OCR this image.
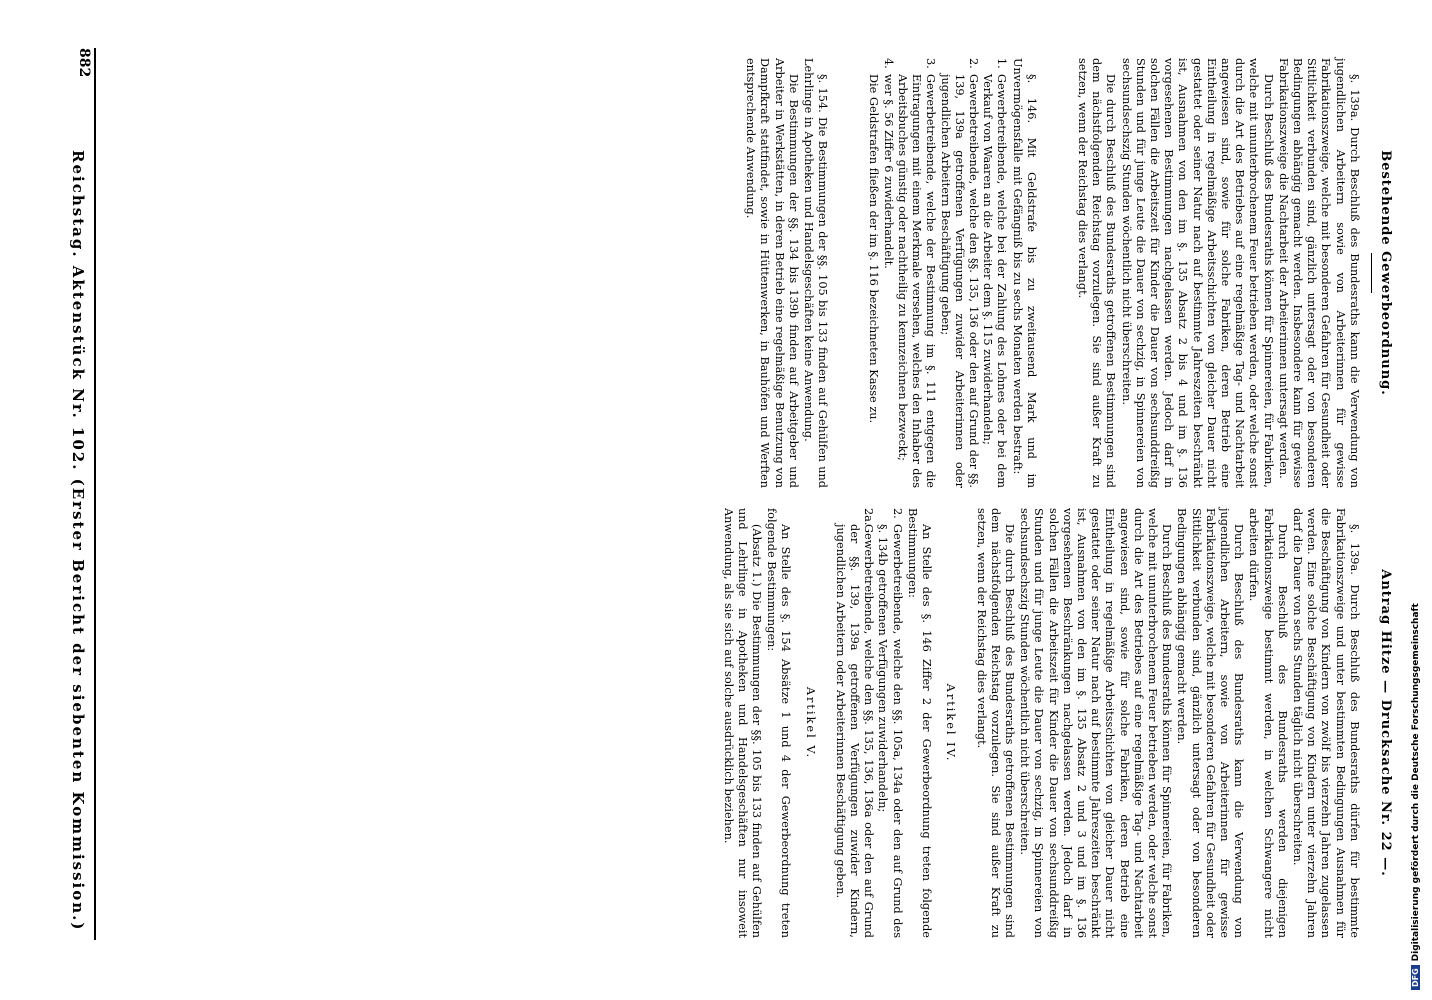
882
Reichstag. Aktenstück Nr. 102. (Erster Bericht der siebenten Kommission.)	Bestehende Gewerbeordnung.

§. 139a. Durch Beschluß des Bundesraths kann die Verwendung von jugendlichen Arbeitern sowie von Arbeiterinnen für gewisse Fabrikationszweige, welche mit besonderen Gefahren für Gesundheit oder Sittlichkeit verbunden sind, gänzlich untersagt oder von besonderen Bedingungen abhängig gemacht werden. Insbesondere kann für gewisse Fabrikationszweige die Nachtarbeit der Arbeiterinnen untersagt werden.

Durch Beschluß des Bundesraths können für Spinnereien, für Fabriken, welche mit ununterbrochenem Feuer betrieben werden, oder welche sonst durch die Art des Betriebes auf eine regelmäßige Tag- und Nachtarbeit angewiesen sind, sowie für solche Fabriken, deren Betrieb eine Eintheilung in regelmäßige Arbeitsschichten von gleicher Dauer nicht gestattet oder seiner Natur nach auf bestimmte Jahreszeiten beschränkt ist, Ausnahmen von den im §. 135 Absatz 2 bis 4 und im §. 136 vorgesehenen Bestimmungen nachgelassen werden. Jedoch darf in solchen Fällen die Arbeitszeit für Kinder die Dauer von sechsunddreißig Stunden und für junge Leute die Dauer von sechzig, in Spinnereien von sechsundsechszig Stunden wöchentlich nicht überschreiten.

Die durch Beschluß des Bundesraths getroffenen Bestimmungen sind dem nächstfolgenden Reichstag vorzulegen. Sie sind außer Kraft zu setzen, wenn der Reichstag dies verlangt.

§. 146. Mit Geldstrafe bis zu zweitausend Mark und im Unvermögensfalle mit Gefängniß bis zu sechs Monaten werden bestraft:

1.
Gewerbetreibende, welche bei der Zahlung des Lohnes oder bei dem Verkauf von Waaren an die Arbeiter dem §. 115 zuwiderhandeln;
2.
Gewerbetreibende, welche den §§. 135, 136 oder den auf Grund der §§. 139, 139a getroffenen Verfügungen zuwider Arbeiterinnen oder jugendlichen Arbeitern Beschäftigung geben;
3.
Gewerbetreibende, welche der Bestimmung im §. 111 entgegen die Eintragungen mit einem Merkmale versehen, welches den Inhaber des Arbeitsbuches günstig oder nachtheilig zu kennzeichnen bezweckt;
4.
wer §. 56 Ziffer 6 zuwiderhandelt.

Die Geldstrafen fließen der im §. 116 bezeichneten Kasse zu.

§. 154. Die Bestimmungen der §§. 105 bis 133 finden auf Gehülfen und Lehrlinge in Apotheken und Handelsgeschäften keine Anwendung.

Die Bestimmungen der §§. 134 bis 139b finden auf Arbeitgeber und Arbeiter in Werkstätten, in deren Betrieb eine regelmäßige Benutzung von Dampfkraft stattfindet, sowie in Hüttenwerken, in Bauhöfen und Werften entsprechende Anwendung.

Antrag Hitze — Drucksache Nr. 22 —.

§. 139a. Durch Beschluß des Bundesraths dürfen für bestimmte Fabrikationszweige und unter bestimmten Bedingungen Ausnahmen für die Beschäftigung von Kindern von zwölf bis vierzehn Jahren zugelassen werden. Eine solche Beschäftigung von Kindern unter vierzehn Jahren darf die Dauer von sechs Stunden täglich nicht überschreiten.

Durch Beschluß des Bundesraths werden diejenigen Fabrikationszweige bestimmt werden, in welchen Schwangere nicht arbeiten dürfen.

Durch Beschluß des Bundesraths kann die Verwendung von jugendlichen Arbeitern, sowie von Arbeiterinnen für gewisse Fabrikationszweige, welche mit besonderen Gefahren für Gesundheit oder Sittlichkeit verbunden sind, gänzlich untersagt oder von besonderen Bedingungen abhängig gemacht werden.

Durch Beschluß des Bundesraths können für Spinnereien, für Fabriken, welche mit ununterbrochenem Feuer betrieben werden, oder welche sonst durch die Art des Betriebes auf eine regelmäßige Tag- und Nachtarbeit angewiesen sind, sowie für solche Fabriken, deren Betrieb eine Eintheilung in regelmäßige Arbeitsschichten von gleicher Dauer nicht gestattet oder seiner Natur nach auf bestimmte Jahreszeiten beschränkt ist, Ausnahmen von den im §. 135 Absatz 2 und 3 und im §. 136 vorgesehenen Beschränkungen nachgelassen werden. Jedoch darf in solchen Fällen die Arbeitszeit für Kinder die Dauer von sechsunddreißig Stunden und für junge Leute die Dauer von sechzig, in Spinnereien von sechsundsechszig Stunden wöchentlich nicht überschreiten.

Die durch Beschluß des Bundesraths getroffenen Bestimmungen sind dem nächstfolgenden Reichstag vorzulegen. Sie sind außer Kraft zu setzen, wenn der Reichstag dies verlangt.

Artikel IV.

An Stelle des §. 146 Ziffer 2 der Gewerbeordnung treten folgende Bestimmungen:

2.
Gewerbetreibende, welche den §§. 105a, 134a oder den auf Grund des §. 134b getroffenen Verfügungen zuwiderhandeln;
2a.
Gewerbetreibende, welche den §§. 135, 136, 136a oder den auf Grund der §§. 139, 139a getroffenen Verfügungen zuwider Kindern, jugendlichen Arbeitern oder Arbeiterinnen Beschäftigung geben.
Artikel V.

An Stelle des §. 154 Absätze 1 und 4 der Gewerbeordnung treten folgende Bestimmungen:

(Absatz 1.) Die Bestimmungen der §§. 105 bis 133 finden auf Gehülfen und Lehrlinge in Apotheken und Handelsgeschäften nur insoweit Anwendung, als sie sich auf solche ausdrücklich beziehen.

DFGDigitalisierung gefördert durch die Deutsche Forschungsgemeinschaft
